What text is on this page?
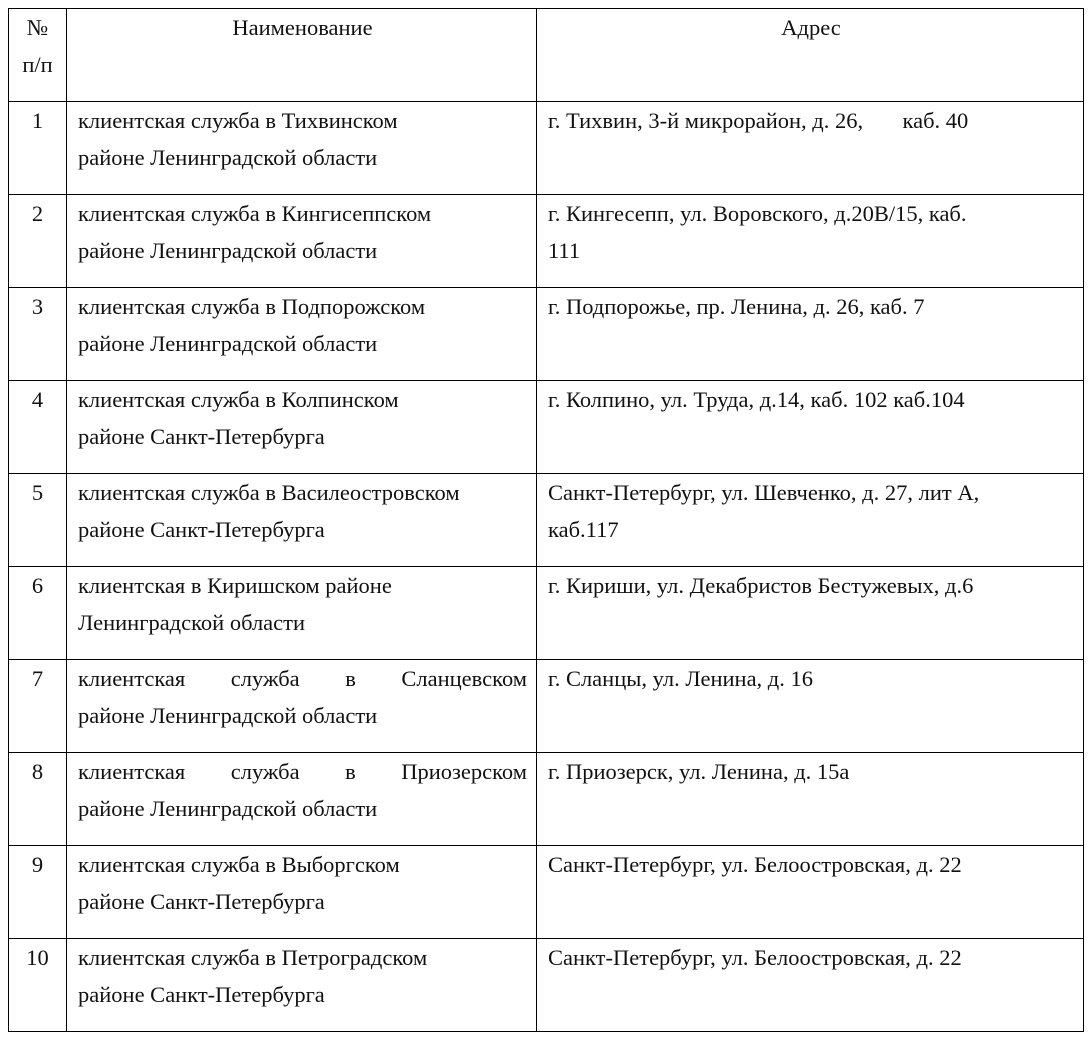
№
п/п	Наименование	Адрес

1	клиентская служба в Тихвинском
районе Ленинградской области	г. Тихвин, 3-й микрорайон, д. 26,       каб. 40

2	клиентская служба в Кингисеппском
районе Ленинградской области	г. Кингесепп, ул. Воровского, д.20В/15, каб.
111

3	клиентская служба в Подпорожском
районе Ленинградской области	г. Подпорожье, пр. Ленина, д. 26, каб. 7

4	клиентская служба в Колпинском
районе Санкт-Петербурга	г. Колпино, ул. Труда, д.14, каб. 102 каб.104

5	клиентская служба в Василеостровском
районе Санкт-Петербурга	Санкт-Петербург, ул. Шевченко, д. 27, лит А,
каб.117

6	клиентская в Киришском районе
Ленинградской области	г. Кириши, ул. Декабристов Бестужевых, д.6

7	клиентская служба в Сланцевском
районе Ленинградской области	г. Сланцы, ул. Ленина, д. 16

8	клиентская служба в Приозерском
районе Ленинградской области	г. Приозерск, ул. Ленина, д. 15а

9	клиентская служба в Выборгском
районе Санкт-Петербурга	Санкт-Петербург, ул. Белоостровская, д. 22

10	клиентская служба в Петроградском
районе Санкт-Петербурга	Санкт-Петербург, ул. Белоостровская, д. 22
